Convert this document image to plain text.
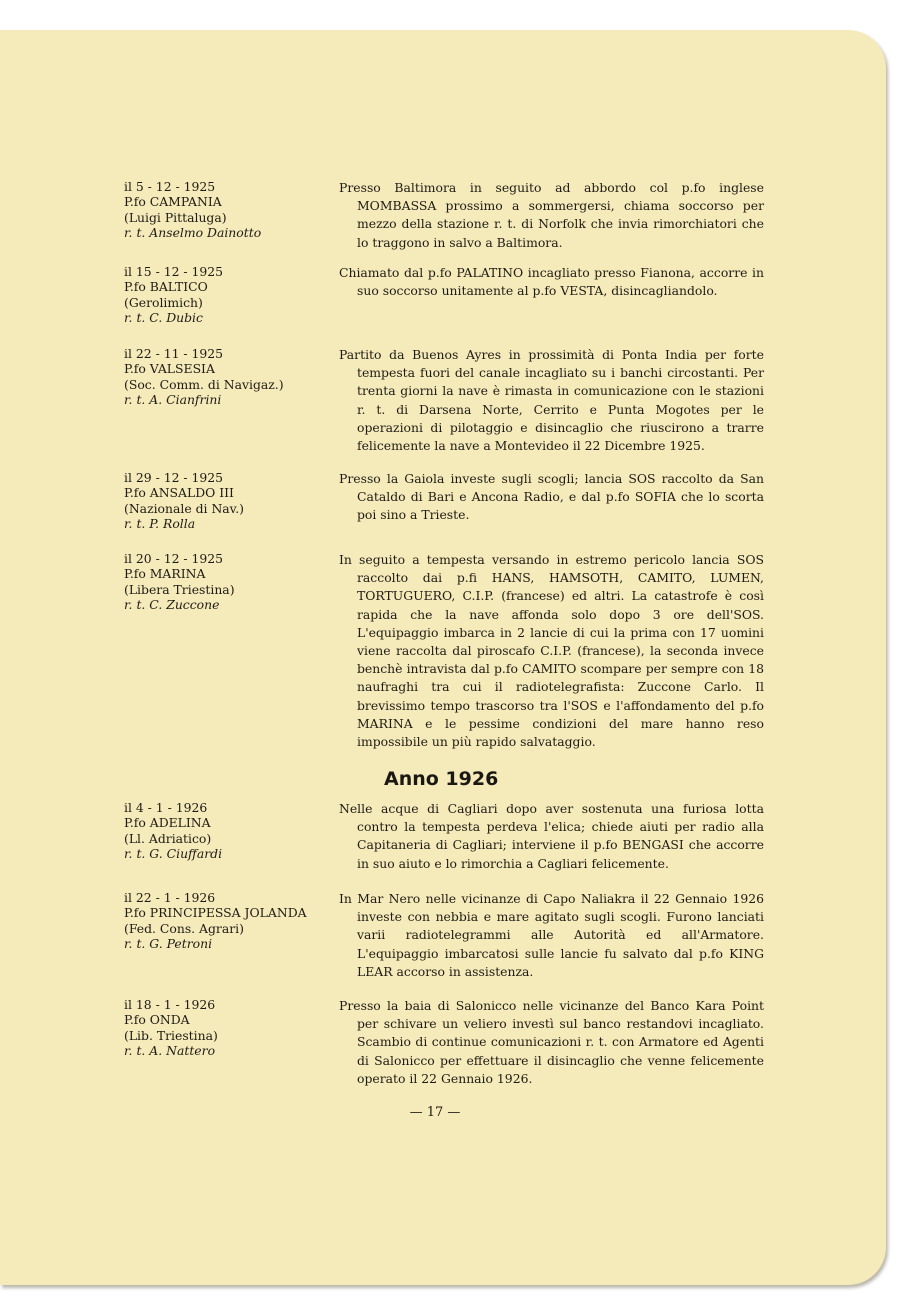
il 5 - 12 - 1925
P.fo CAMPANIA
(Luigi Pittaluga)
r. t. Anselmo Dainotto
Presso Baltimora in seguito ad abbordo col p.fo inglese MOMBASSA prossimo a sommergersi, chiama soccorso per mezzo della stazione r. t. di Norfolk che invia rimorchiatori che lo traggono in salvo a Baltimora.
il 15 - 12 - 1925
P.fo BALTICO
(Gerolimich)
r. t. C. Dubic
Chiamato dal p.fo PALATINO incagliato presso Fianona, accorre in suo soccorso unitamente al p.fo VESTA, disincagliandolo.
il 22 - 11 - 1925
P.fo VALSESIA
(Soc. Comm. di Navigaz.)
r. t. A. Cianfrini
Partito da Buenos Ayres in prossimità di Ponta India per forte tempesta fuori del canale incagliato su i banchi circostanti. Per trenta giorni la nave è rimasta in comunicazione con le stazioni r. t. di Darsena Norte, Cerrito e Punta Mogotes per le operazioni di pilotaggio e disincaglio che riuscirono a trarre felicemente la nave a Montevideo il 22 Dicembre 1925.
il 29 - 12 - 1925
P.fo ANSALDO III
(Nazionale di Nav.)
r. t. P. Rolla
Presso la Gaiola investe sugli scogli; lancia SOS raccolto da San Cataldo di Bari e Ancona Radio, e dal p.fo SOFIA che lo scorta poi sino a Trieste.
il 20 - 12 - 1925
P.fo MARINA
(Libera Triestina)
r. t. C. Zuccone
In seguito a tempesta versando in estremo pericolo lancia SOS raccolto dai p.fi HANS, HAMSOTH, CAMITO, LUMEN, TORTUGUERO, C.I.P. (francese) ed altri. La catastrofe è così rapida che la nave affonda solo dopo 3 ore dell'SOS. L'equipaggio imbarca in 2 lancie di cui la prima con 17 uomini viene raccolta dal piroscafo C.I.P. (francese), la seconda invece benchè intravista dal p.fo CAMITO scompare per sempre con 18 naufraghi tra cui il radiotelegrafista: Zuccone Carlo. Il brevissimo tempo trascorso tra l'SOS e l'affondamento del p.fo MARINA e le pessime condizioni del mare hanno reso impossibile un più rapido salvataggio.
Anno 1926
il 4 - 1 - 1926
P.fo ADELINA
(Ll. Adriatico)
r. t. G. Ciuffardi
Nelle acque di Cagliari dopo aver sostenuta una furiosa lotta contro la tempesta perdeva l'elica; chiede aiuti per radio alla Capitaneria di Cagliari; interviene il p.fo BENGASI che accorre in suo aiuto e lo rimorchia a Cagliari felicemente.
il 22 - 1 - 1926
P.fo PRINCIPESSA JOLANDA
(Fed. Cons. Agrari)
r. t. G. Petroni
In Mar Nero nelle vicinanze di Capo Naliakra il 22 Gennaio 1926 investe con nebbia e mare agitato sugli scogli. Furono lanciati varii radiotelegrammi alle Autorità ed all'Armatore. L'equipaggio imbarcatosi sulle lancie fu salvato dal p.fo KING LEAR accorso in assistenza.
il 18 - 1 - 1926
P.fo ONDA
(Lib. Triestina)
r. t. A. Nattero
Presso la baia di Salonicco nelle vicinanze del Banco Kara Point per schivare un veliero investì sul banco restandovi incagliato. Scambio di continue comunicazioni r. t. con Armatore ed Agenti di Salonicco per effettuare il disincaglio che venne felicemente operato il 22 Gennaio 1926.
— 17 —
